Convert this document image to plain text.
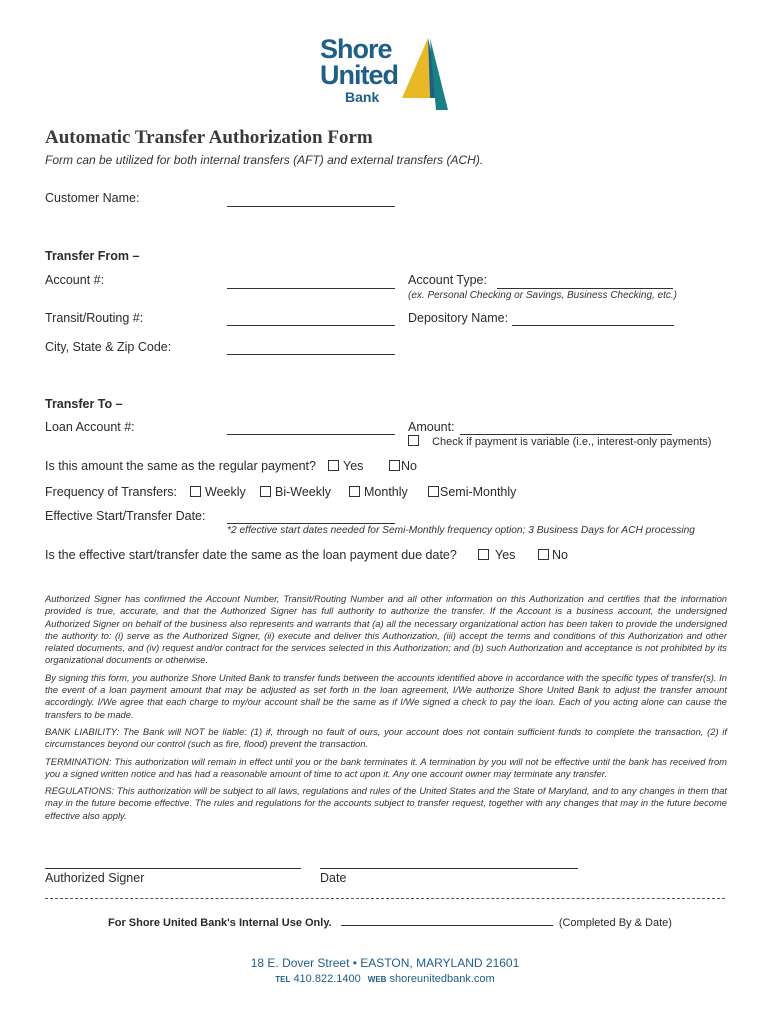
Shore
United
Bank
Automatic Transfer Authorization Form
Form can be utilized for both internal transfers (AFT) and external transfers (ACH).
Customer Name:
Transfer From –
Account #:	Account Type:
(ex. Personal Checking or Savings, Business Checking, etc.)
Transit/Routing #:	Depository Name:
City, State & Zip Code:
Transfer To –
Loan Account #:	Amount:
Check if payment is variable (i.e., interest-only payments)
Is this amount the same as the regular payment?	Yes	No
Frequency of Transfers:	Weekly	Bi-Weekly	Monthly	Semi-Monthly
Effective Start/Transfer Date:
*2 effective start dates needed for Semi-Monthly frequency option; 3 Business Days for ACH processing
Is the effective start/transfer date the same as the loan payment due date?	Yes	No

Authorized Signer has confirmed the Account Number, Transit/Routing Number and all other information on this Authorization and certifies that the information provided is true, accurate, and that the Authorized Signer has full authority to authorize the transfer. If the Account is a business account, the undersigned Authorized Signer on behalf of the business also represents and warrants that (a) all the necessary organizational action has been taken to provide the undersigned the authority to: (i) serve as the Authorized Signer, (ii) execute and deliver this Authorization, (iii) accept the terms and conditions of this Authorization and other related documents, and (iv) request and/or contract for the services selected in this Authorization; and (b) such Authorization and acceptance is not prohibited by its organizational documents or otherwise.

By signing this form, you authorize Shore United Bank to transfer funds between the accounts identified above in accordance with the specific types of transfer(s). In the event of a loan payment amount that may be adjusted as set forth in the loan agreement, I/We authorize Shore United Bank to adjust the transfer amount accordingly. I/We agree that each charge to my/our account shall be the same as if I/We signed a check to pay the loan. Each of you acting alone can cause the transfers to be made.

BANK LIABILITY: The Bank will NOT be liable: (1) if, through no fault of ours, your account does not contain sufficient funds to complete the transaction, (2) if circumstances beyond our control (such as fire, flood) prevent the transaction.

TERMINATION: This authorization will remain in effect until you or the bank terminates it. A termination by you will not be effective until the bank has received from you a signed written notice and has had a reasonable amount of time to act upon it. Any one account owner may terminate any transfer.

REGULATIONS: This authorization will be subject to all laws, regulations and rules of the United States and the State of Maryland, and to any changes in them that may in the future become effective. The rules and regulations for the accounts subject to transfer request, together with any changes that may in the future become effective also apply.

Authorized Signer	Date
For Shore United Bank's Internal Use Only.	(Completed By & Date)
18 E. Dover Street • EASTON, MARYLAND 21601
TEL 410.822.1400 WEB shoreunitedbank.com
